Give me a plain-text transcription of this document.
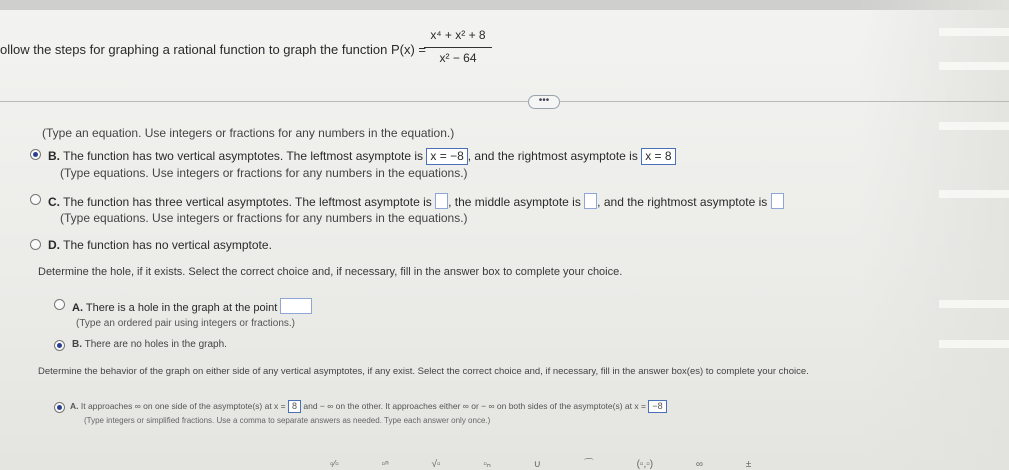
ollow the steps for graphing a rational function to graph the function P(x) =
x⁴ + x² + 8
x² − 64
•••
(Type an equation. Use integers or fractions for any numbers in the equation.)
B. The function has two vertical asymptotes. The leftmost asymptote is x = −8 , and the rightmost asymptote is x = 8
(Type equations. Use integers or fractions for any numbers in the equations.)
C. The function has three vertical asymptotes. The leftmost asymptote is , the middle asymptote is , and the rightmost asymptote is
(Type equations. Use integers or fractions for any numbers in the equations.)
D. The function has no vertical asymptote.
Determine the hole, if it exists. Select the correct choice and, if necessary, fill in the answer box to complete your choice.
A. There is a hole in the graph at the point
(Type an ordered pair using integers or fractions.)
B. There are no holes in the graph.
Determine the behavior of the graph on either side of any vertical asymptotes, if any exist. Select the correct choice and, if necessary, fill in the answer box(es) to complete your choice.
A. It approaches ∞ on one side of the asymptote(s) at x = 8 and − ∞ on the other. It approaches either ∞ or − ∞ on both sides of the asymptote(s) at x = −8
(Type integers or simplified fractions. Use a comma to separate answers as needed. Type each answer only once.)
▫⁄▫	▫ⁿ	√▫	▫ₙ	∪	⌒	(▫,▫)	∞	±
